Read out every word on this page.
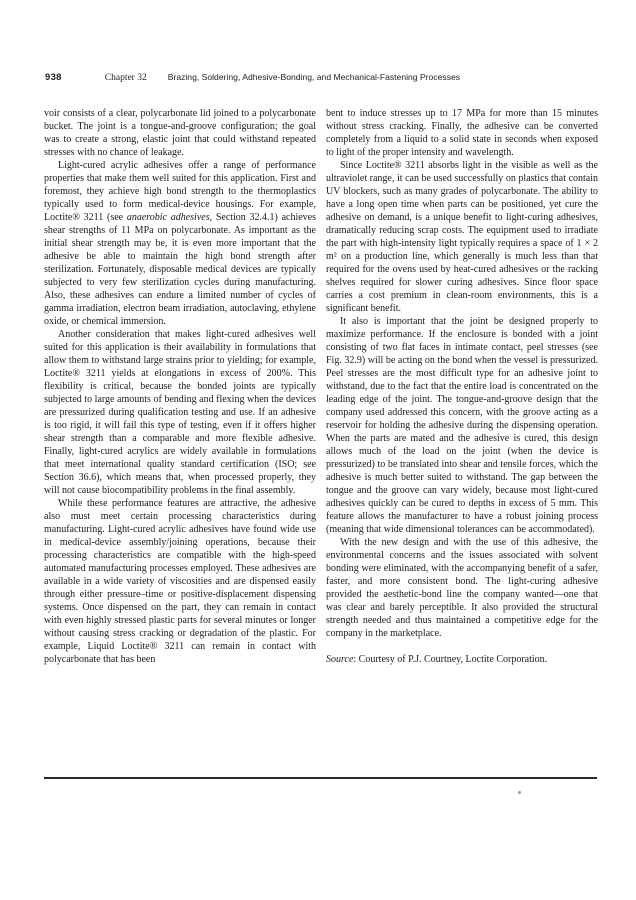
938	Chapter 32 Brazing, Soldering, Adhesive-Bonding, and Mechanical-Fastening Processes

voir consists of a clear, polycarbonate lid joined to a polycarbonate bucket. The joint is a tongue-and-groove configuration; the goal was to create a strong, elastic joint that could withstand repeated stresses with no chance of leakage.

Light-cured acrylic adhesives offer a range of performance properties that make them well suited for this application. First and foremost, they achieve high bond strength to the thermoplastics typically used to form medical-device housings. For example, Loctite® 3211 (see anaerobic adhesives, Section 32.4.1) achieves shear strengths of 11 MPa on polycarbonate. As important as the initial shear strength may be, it is even more important that the adhesive be able to maintain the high bond strength after sterilization. Fortunately, disposable medical devices are typically subjected to very few sterilization cycles during manufacturing. Also, these adhesives can endure a limited number of cycles of gamma irradiation, electron beam irradiation, autoclaving, ethylene oxide, or chemical immersion.

Another consideration that makes light-cured adhesives well suited for this application is their availability in formulations that allow them to withstand large strains prior to yielding; for example, Loctite® 3211 yields at elongations in excess of 200%. This flexibility is critical, because the bonded joints are typically subjected to large amounts of bending and flexing when the devices are pressurized during qualification testing and use. If an adhesive is too rigid, it will fail this type of testing, even if it offers higher shear strength than a comparable and more flexible adhesive. Finally, light-cured acrylics are widely available in formulations that meet international quality standard certification (ISO; see Section 36.6), which means that, when processed properly, they will not cause biocompatibility problems in the final assembly.

While these performance features are attractive, the adhesive also must meet certain processing characteristics during manufacturing. Light-cured acrylic adhesives have found wide use in medical-device assembly/joining operations, because their processing characteristics are compatible with the high-speed automated manufacturing processes employed. These adhesives are available in a wide variety of viscosities and are dispensed easily through either pressure–time or positive-displacement dispensing systems. Once dispensed on the part, they can remain in contact with even highly stressed plastic parts for several minutes or longer without causing stress cracking or degradation of the plastic. For example, Liquid Loctite® 3211 can remain in contact with polycarbonate that has been

bent to induce stresses up to 17 MPa for more than 15 minutes without stress cracking. Finally, the adhesive can be converted completely from a liquid to a solid state in seconds when exposed to light of the proper intensity and wavelength.

Since Loctite® 3211 absorbs light in the visible as well as the ultraviolet range, it can be used successfully on plastics that contain UV blockers, such as many grades of polycarbonate. The ability to have a long open time when parts can be positioned, yet cure the adhesive on demand, is a unique benefit to light-curing adhesives, dramatically reducing scrap costs. The equipment used to irradiate the part with high-intensity light typically requires a space of 1 × 2 m² on a production line, which generally is much less than that required for the ovens used by heat-cured adhesives or the racking shelves required for slower curing adhesives. Since floor space carries a cost premium in clean-room environments, this is a significant benefit.

It also is important that the joint be designed properly to maximize performance. If the enclosure is bonded with a joint consisting of two flat faces in intimate contact, peel stresses (see Fig. 32.9) will be acting on the bond when the vessel is pressurized. Peel stresses are the most difficult type for an adhesive joint to withstand, due to the fact that the entire load is concentrated on the leading edge of the joint. The tongue-and-groove design that the company used addressed this concern, with the groove acting as a reservoir for holding the adhesive during the dispensing operation. When the parts are mated and the adhesive is cured, this design allows much of the load on the joint (when the device is pressurized) to be translated into shear and tensile forces, which the adhesive is much better suited to withstand. The gap between the tongue and the groove can vary widely, because most light-cured adhesives quickly can be cured to depths in excess of 5 mm. This feature allows the manufacturer to have a robust joining process (meaning that wide dimensional tolerances can be accommodated).

With the new design and with the use of this adhesive, the environmental concerns and the issues associated with solvent bonding were eliminated, with the accompanying benefit of a safer, faster, and more consistent bond. The light-curing adhesive provided the aesthetic-bond line the company wanted—one that was clear and barely perceptible. It also provided the structural strength needed and thus maintained a competitive edge for the company in the marketplace.

Source: Courtesy of P.J. Courtney, Loctite Corporation.
